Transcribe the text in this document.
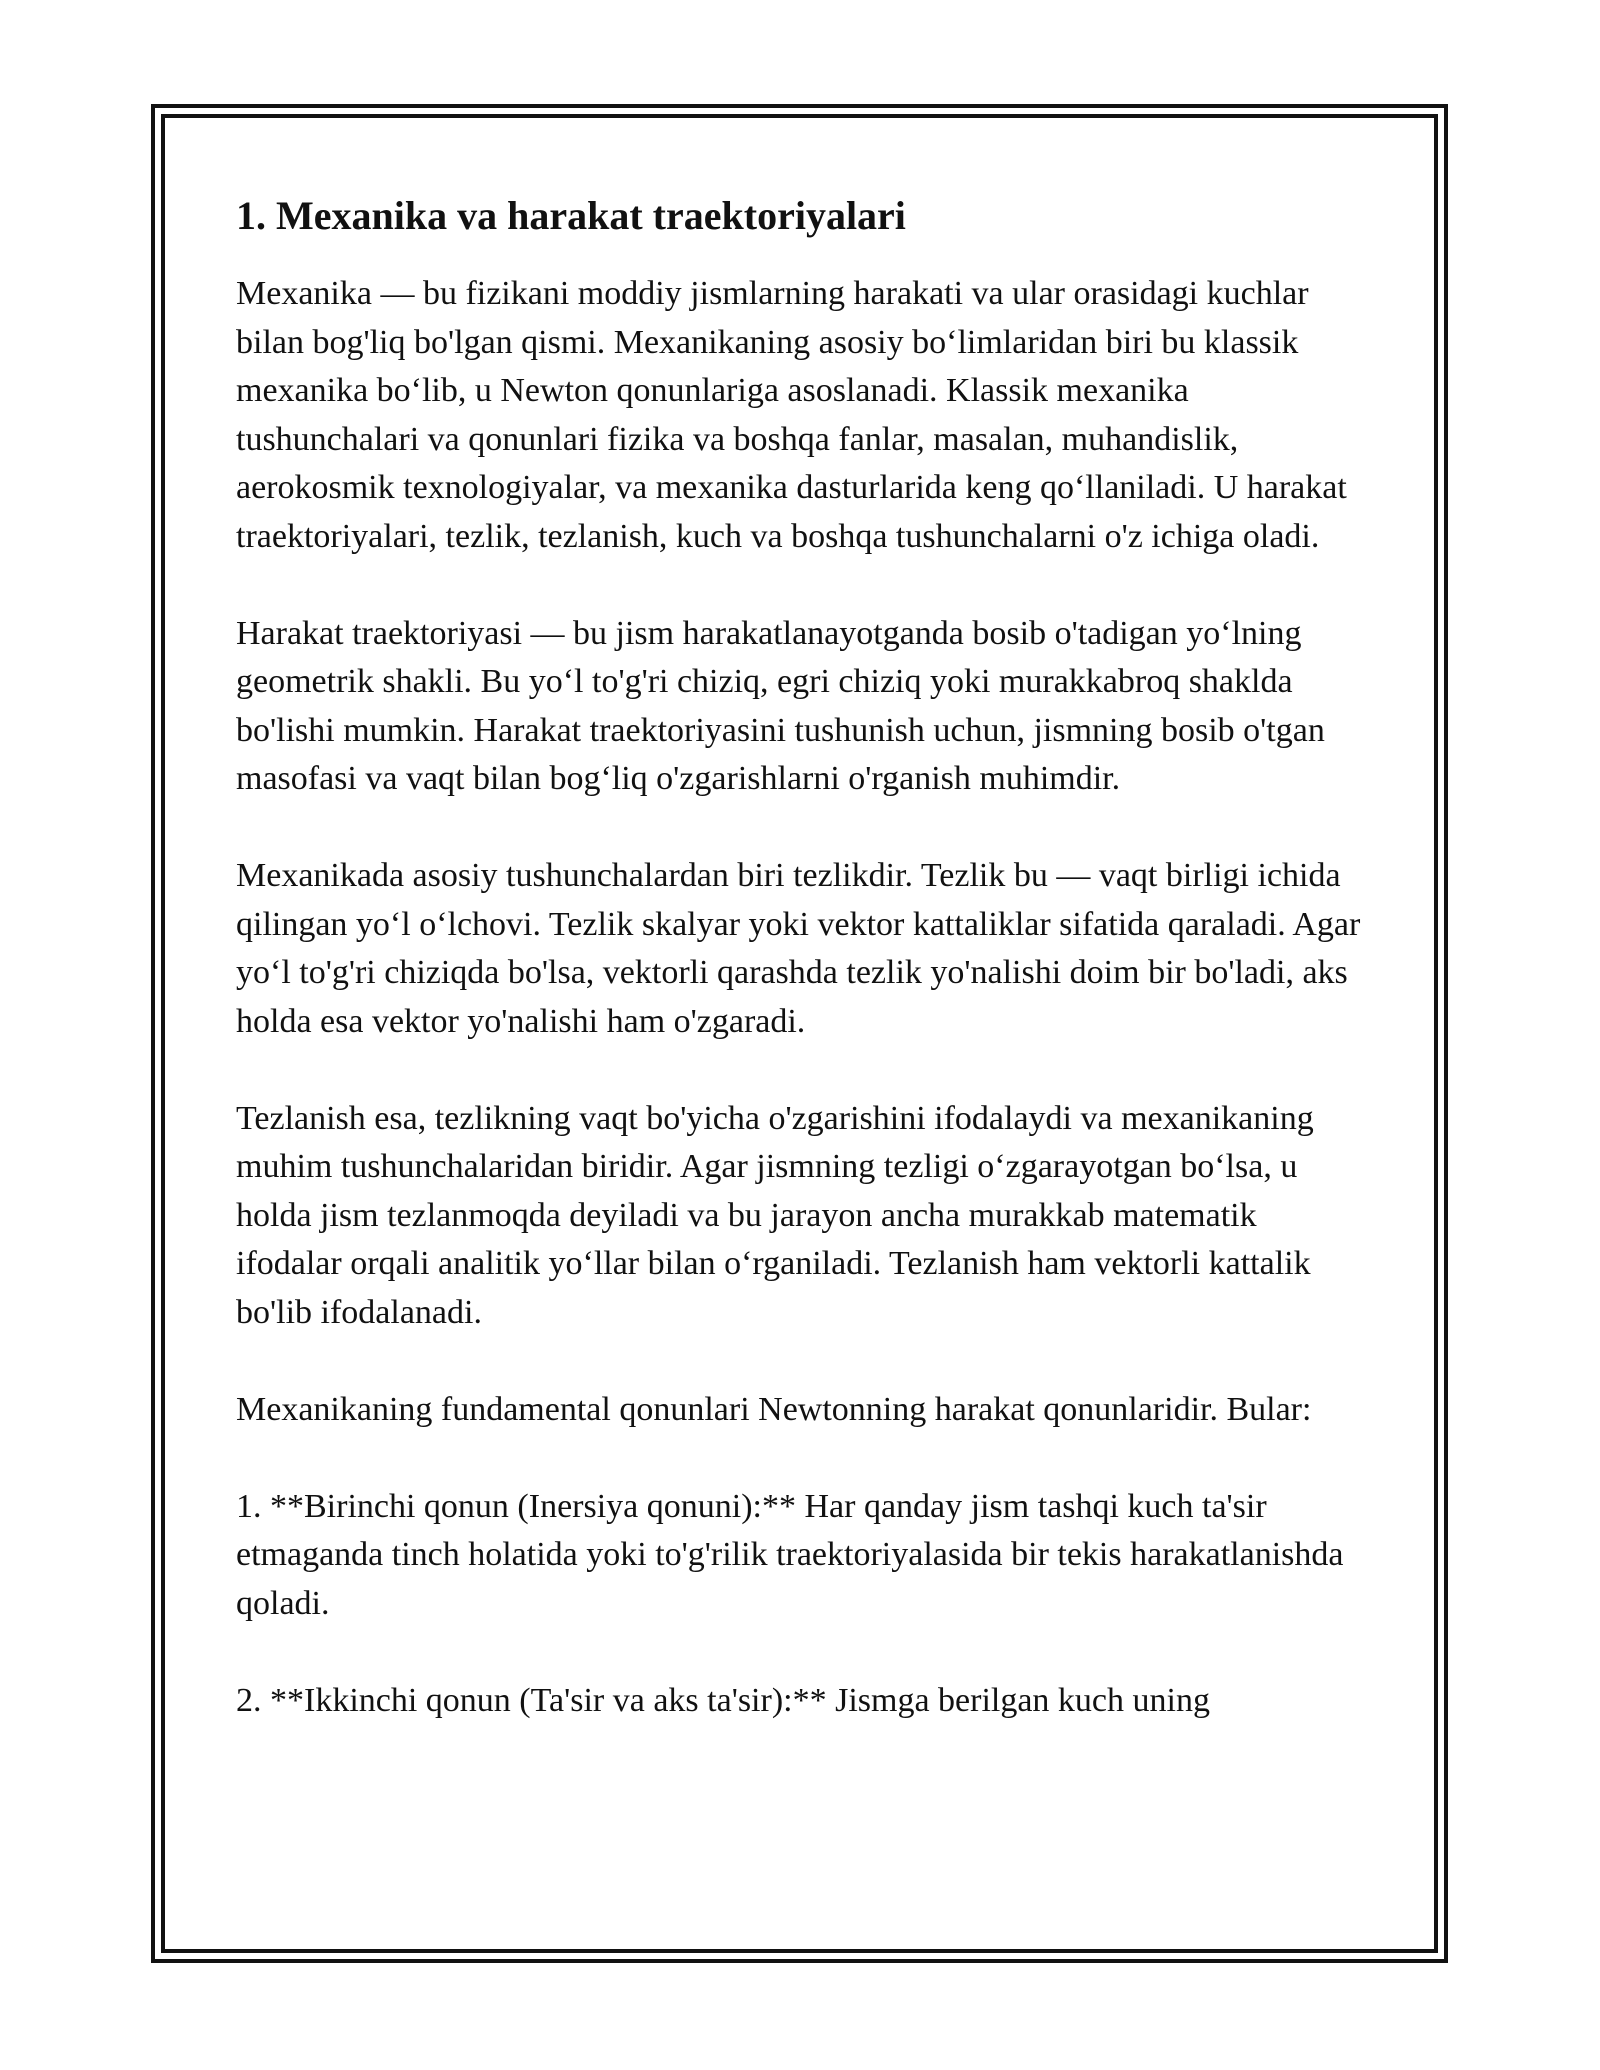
1. Mexanika va harakat traektoriyalari

Mexanika — bu fizikani moddiy jismlarning harakati va ular orasidagi kuchlar bilan bog'liq bo'lgan qismi. Mexanikaning asosiy boʻlimlaridan biri bu klassik mexanika boʻlib, u Newton qonunlariga asoslanadi. Klassik mexanika tushunchalari va qonunlari fizika va boshqa fanlar, masalan, muhandislik, aerokosmik texnologiyalar, va mexanika dasturlarida keng qoʻllaniladi. U harakat traektoriyalari, tezlik, tezlanish, kuch va boshqa tushunchalarni o'z ichiga oladi.

Harakat traektoriyasi — bu jism harakatlanayotganda bosib o'tadigan yoʻlning geometrik shakli. Bu yoʻl to'g'ri chiziq, egri chiziq yoki murakkabroq shaklda bo'lishi mumkin. Harakat traektoriyasini tushunish uchun, jismning bosib o'tgan masofasi va vaqt bilan bogʻliq o'zgarishlarni o'rganish muhimdir.

Mexanikada asosiy tushunchalardan biri tezlikdir. Tezlik bu — vaqt birligi ichida qilingan yoʻl oʻlchovi. Tezlik skalyar yoki vektor kattaliklar sifatida qaraladi. Agar yoʻl to'g'ri chiziqda bo'lsa, vektorli qarashda tezlik yo'nalishi doim bir bo'ladi, aks holda esa vektor yo'nalishi ham o'zgaradi.

Tezlanish esa, tezlikning vaqt bo'yicha o'zgarishini ifodalaydi va mexanikaning muhim tushunchalaridan biridir. Agar jismning tezligi oʻzgarayotgan boʻlsa, u holda jism tezlanmoqda deyiladi va bu jarayon ancha murakkab matematik ifodalar orqali analitik yoʻllar bilan oʻrganiladi. Tezlanish ham vektorli kattalik bo'lib ifodalanadi.

Mexanikaning fundamental qonunlari Newtonning harakat qonunlaridir. Bular:

1. **Birinchi qonun (Inersiya qonuni):** Har qanday jism tashqi kuch ta'sir etmaganda tinch holatida yoki to'g'rilik traektoriyalasida bir tekis harakatlanishda qoladi.

2. **Ikkinchi qonun (Ta'sir va aks ta'sir):** Jismga berilgan kuch uning
